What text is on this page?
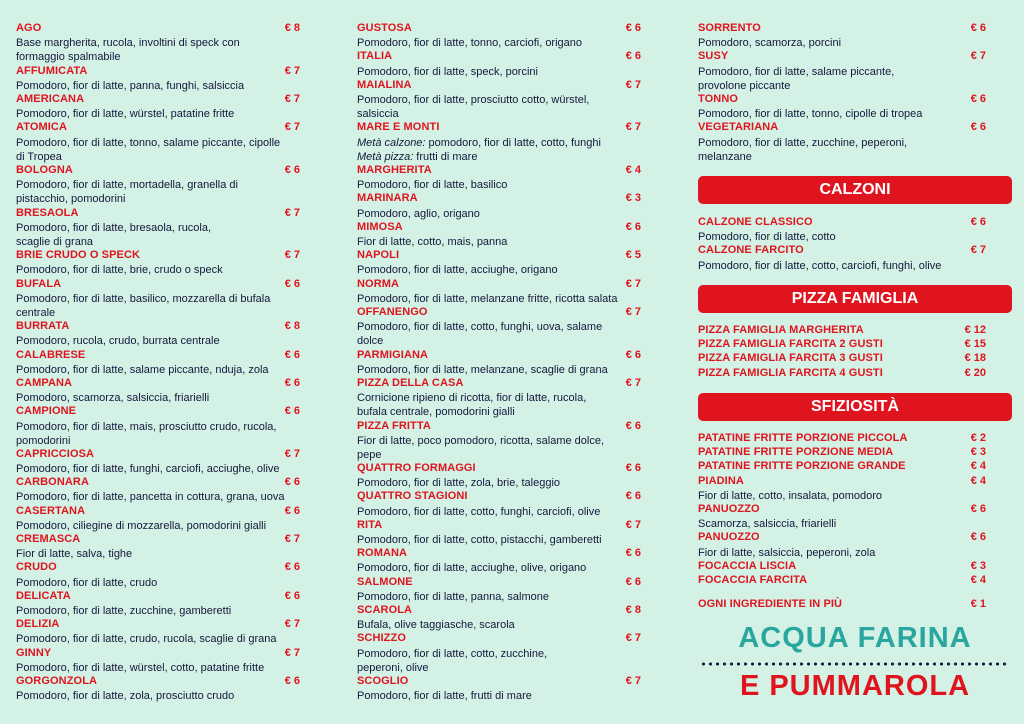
AGO	€ 8
Base margherita, rucola, involtini di speck con
formaggio spalmabile
AFFUMICATA	€ 7
Pomodoro, fior di latte, panna, funghi, salsiccia
AMERICANA	€ 7
Pomodoro, fior di latte, würstel, patatine fritte
ATOMICA	€ 7
Pomodoro, fior di latte, tonno, salame piccante, cipolle
di Tropea
BOLOGNA	€ 6
Pomodoro, fior di latte, mortadella, granella di
pistacchio, pomodorini
BRESAOLA	€ 7
Pomodoro, fior di latte, bresaola, rucola,
scaglie di grana
BRIE CRUDO O SPECK	€ 7
Pomodoro, fior di latte, brie, crudo o speck
BUFALA	€ 6
Pomodoro, fior di latte, basilico, mozzarella di bufala
centrale
BURRATA	€ 8
Pomodoro, rucola, crudo, burrata centrale
CALABRESE	€ 6
Pomodoro, fior di latte, salame piccante, nduja, zola
CAMPANA	€ 6
Pomodoro, scamorza, salsiccia, friarielli
CAMPIONE	€ 6
Pomodoro, fior di latte, mais, prosciutto crudo, rucola,
pomodorini
CAPRICCIOSA	€ 7
Pomodoro, fior di latte, funghi, carciofi, acciughe, olive
CARBONARA	€ 6
Pomodoro, fior di latte, pancetta in cottura, grana, uova
CASERTANA	€ 6
Pomodoro, ciliegine di mozzarella, pomodorini gialli
CREMASCA	€ 7
Fior di latte, salva, tighe
CRUDO	€ 6
Pomodoro, fior di latte, crudo
DELICATA	€ 6
Pomodoro, fior di latte, zucchine, gamberetti
DELIZIA	€ 7
Pomodoro, fior di latte, crudo, rucola, scaglie di grana
GINNY	€ 7
Pomodoro, fior di latte, würstel, cotto, patatine fritte
GORGONZOLA	€ 6
Pomodoro, fior di latte, zola, prosciutto crudo
GUSTOSA	€ 6
Pomodoro, fior di latte, tonno, carciofi, origano
ITALIA	€ 6
Pomodoro, fior di latte, speck, porcini
MAIALINA	€ 7
Pomodoro, fior di latte, prosciutto cotto, würstel,
salsiccia
MARE E MONTI	€ 7
Metà calzone: pomodoro, fior di latte, cotto, funghi
Metà pizza: frutti di mare
MARGHERITA	€ 4
Pomodoro, fior di latte, basilico
MARINARA	€ 3
Pomodoro, aglio, origano
MIMOSA	€ 6
Fior di latte, cotto, mais, panna
NAPOLI	€ 5
Pomodoro, fior di latte, acciughe, origano
NORMA	€ 7
Pomodoro, fior di latte, melanzane fritte, ricotta salata
OFFANENGO	€ 7
Pomodoro, fior di latte, cotto, funghi, uova, salame
dolce
PARMIGIANA	€ 6
Pomodoro, fior di latte, melanzane, scaglie di grana
PIZZA DELLA CASA	€ 7
Cornicione ripieno di ricotta, fior di latte, rucola,
bufala centrale, pomodorini gialli
PIZZA FRITTA	€ 6
Fior di latte, poco pomodoro, ricotta, salame dolce,
pepe
QUATTRO FORMAGGI	€ 6
Pomodoro, fior di latte, zola, brie, taleggio
QUATTRO STAGIONI	€ 6
Pomodoro, fior di latte, cotto, funghi, carciofi, olive
RITA	€ 7
Pomodoro, fior di latte, cotto, pistacchi, gamberetti
ROMANA	€ 6
Pomodoro, fior di latte, acciughe, olive, origano
SALMONE	€ 6
Pomodoro, fior di latte, panna, salmone
SCAROLA	€ 8
Bufala, olive taggiasche, scarola
SCHIZZO	€ 7
Pomodoro, fior di latte, cotto, zucchine,
peperoni, olive
SCOGLIO	€ 7
Pomodoro, fior di latte, frutti di mare
SORRENTO	€ 6
Pomodoro, scamorza, porcini
SUSY	€ 7
Pomodoro, fior di latte, salame piccante,
provolone piccante
TONNO	€ 6
Pomodoro, fior di latte, tonno, cipolle di tropea
VEGETARIANA	€ 6
Pomodoro, fior di latte, zucchine, peperoni,
melanzane
CALZONI
CALZONE CLASSICO	€ 6
Pomodoro, fior di latte, cotto
CALZONE FARCITO	€ 7
Pomodoro, fior di latte, cotto, carciofi, funghi, olive
PIZZA FAMIGLIA
PIZZA FAMIGLIA MARGHERITA	€ 12
PIZZA FAMIGLIA FARCITA 2 GUSTI	€ 15
PIZZA FAMIGLIA FARCITA 3 GUSTI	€ 18
PIZZA FAMIGLIA FARCITA 4 GUSTI	€ 20
SFIZIOSITÀ
PATATINE FRITTE PORZIONE PICCOLA	€ 2
PATATINE FRITTE PORZIONE MEDIA	€ 3
PATATINE FRITTE PORZIONE GRANDE	€ 4
PIADINA	€ 4
Fior di latte, cotto, insalata, pomodoro
PANUOZZO	€ 6
Scamorza, salsiccia, friarielli
PANUOZZO	€ 6
Fior di latte, salsiccia, peperoni, zola
FOCACCIA LISCIA	€ 3
FOCACCIA FARCITA	€ 4
OGNI INGREDIENTE IN PIÙ	€ 1
ACQUA FARINA
E PUMMAROLA
